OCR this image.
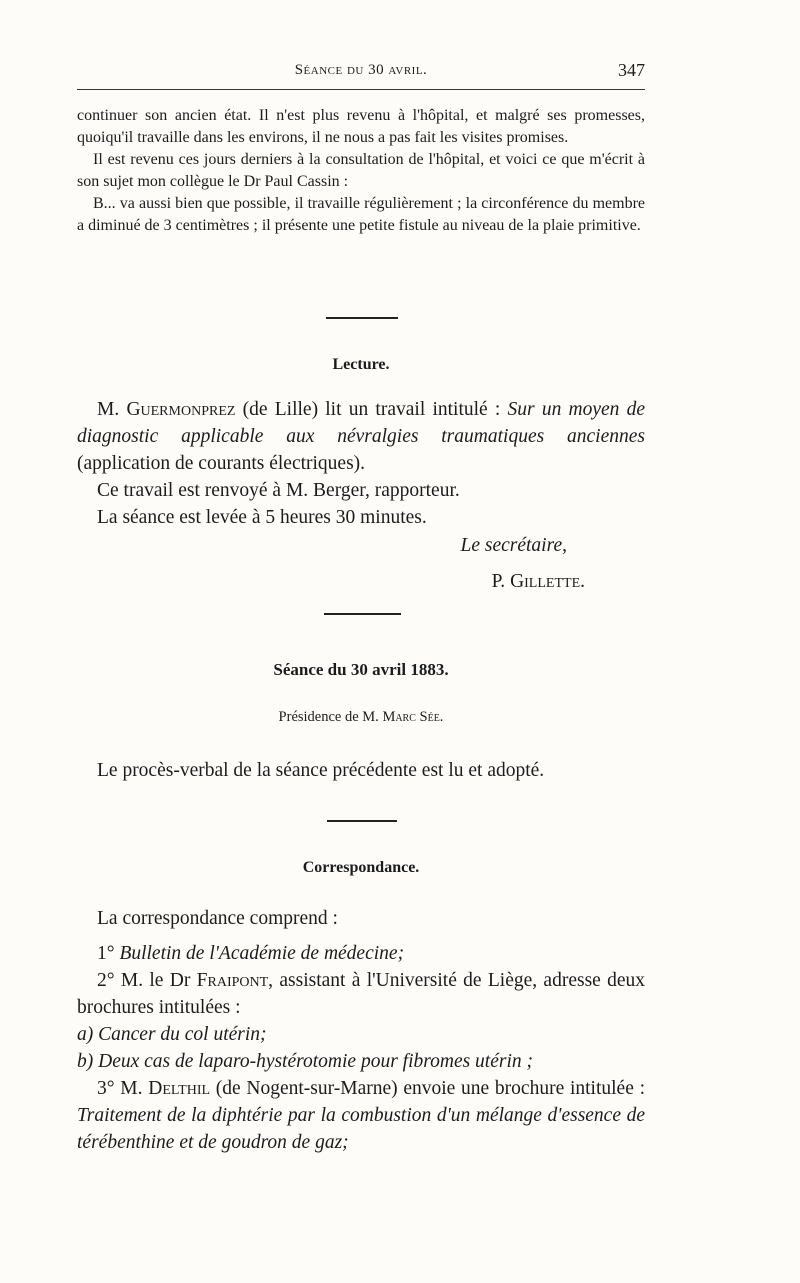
Séance du 30 avril.	347

continuer son ancien état. Il n'est plus revenu à l'hôpital, et malgré ses promesses, quoiqu'il travaille dans les environs, il ne nous a pas fait les visites promises.

Il est revenu ces jours derniers à la consultation de l'hôpital, et voici ce que m'écrit à son sujet mon collègue le Dr Paul Cassin :

B... va aussi bien que possible, il travaille régulièrement ; la circonférence du membre a diminué de 3 centimètres ; il présente une petite fistule au niveau de la plaie primitive.

Lecture.

M. Guermonprez (de Lille) lit un travail intitulé : Sur un moyen de diagnostic applicable aux névralgies traumatiques anciennes (application de courants électriques).

Ce travail est renvoyé à M. Berger, rapporteur.

La séance est levée à 5 heures 30 minutes.

Le secrétaire,
P. Gillette.
Séance du 30 avril 1883.
Présidence de M. Marc Sée.

Le procès-verbal de la séance précédente est lu et adopté.

Correspondance.

La correspondance comprend :

1° Bulletin de l'Académie de médecine;

2° M. le Dr Fraipont, assistant à l'Université de Liège, adresse deux brochures intitulées :

a) Cancer du col utérin;

b) Deux cas de laparo-hystérotomie pour fibromes utérin ;

3° M. Delthil (de Nogent-sur-Marne) envoie une brochure intitulée : Traitement de la diphtérie par la combustion d'un mélange d'essence de térébenthine et de goudron de gaz;
